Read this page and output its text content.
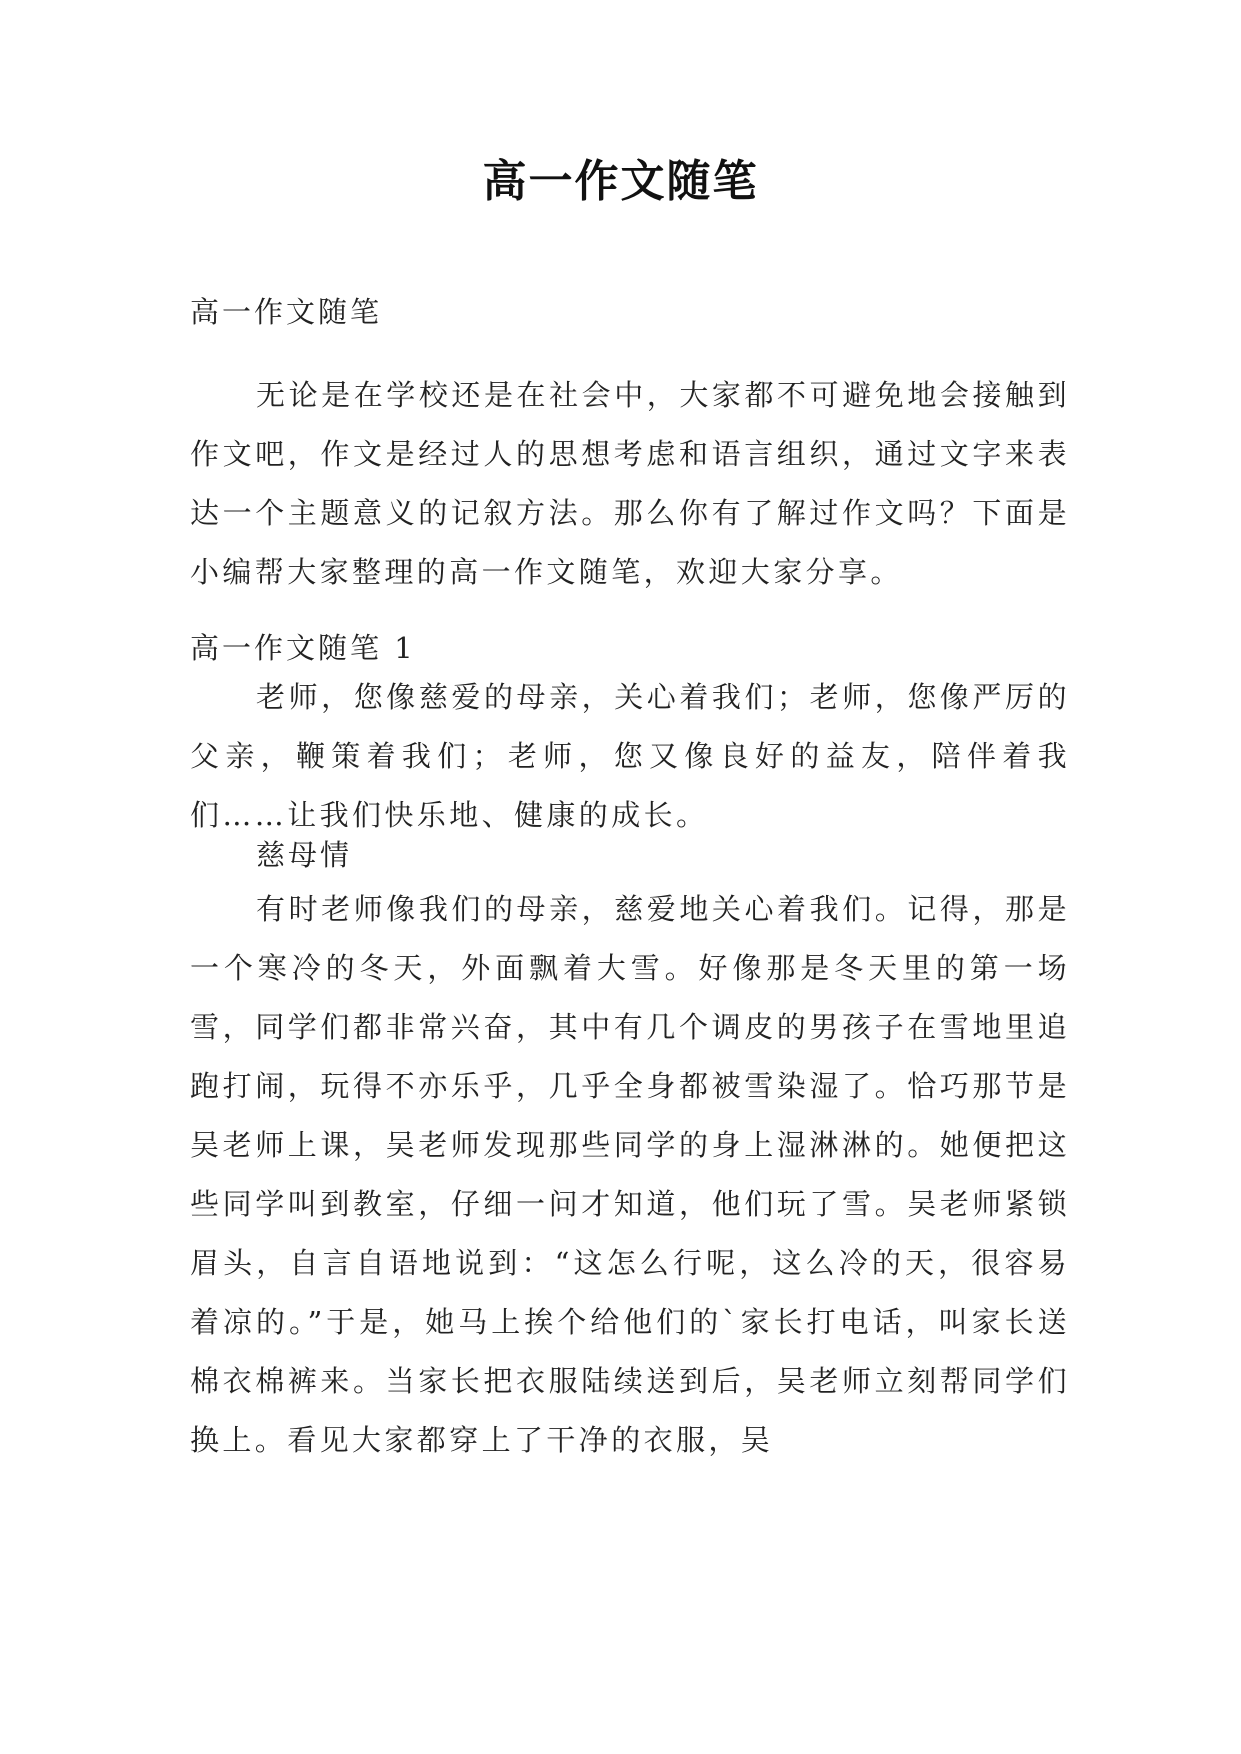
高一作文随笔
高一作文随笔

无论是在学校还是在社会中，大家都不可避免地会接触到作文吧，作文是经过人的思想考虑和语言组织，通过文字来表达一个主题意义的记叙方法。那么你有了解过作文吗？下面是小编帮大家整理的高一作文随笔，欢迎大家分享。

高一作文随笔 1

老师，您像慈爱的母亲，关心着我们；老师，您像严厉的父亲，鞭策着我们；老师，您又像良好的益友，陪伴着我们……让我们快乐地、健康的成长。

慈母情

有时老师像我们的母亲，慈爱地关心着我们。记得，那是一个寒冷的冬天，外面飘着大雪。好像那是冬天里的第一场雪，同学们都非常兴奋，其中有几个调皮的男孩子在雪地里追跑打闹，玩得不亦乐乎，几乎全身都被雪染湿了。恰巧那节是吴老师上课，吴老师发现那些同学的身上湿淋淋的。她便把这些同学叫到教室，仔细一问才知道，他们玩了雪。吴老师紧锁眉头，自言自语地说到：“这怎么行呢，这么冷的天，很容易着凉的。”于是，她马上挨个给他们的`家长打电话，叫家长送棉衣棉裤来。当家长把衣服陆续送到后，吴老师立刻帮同学们换上。看见大家都穿上了干净的衣服，吴
